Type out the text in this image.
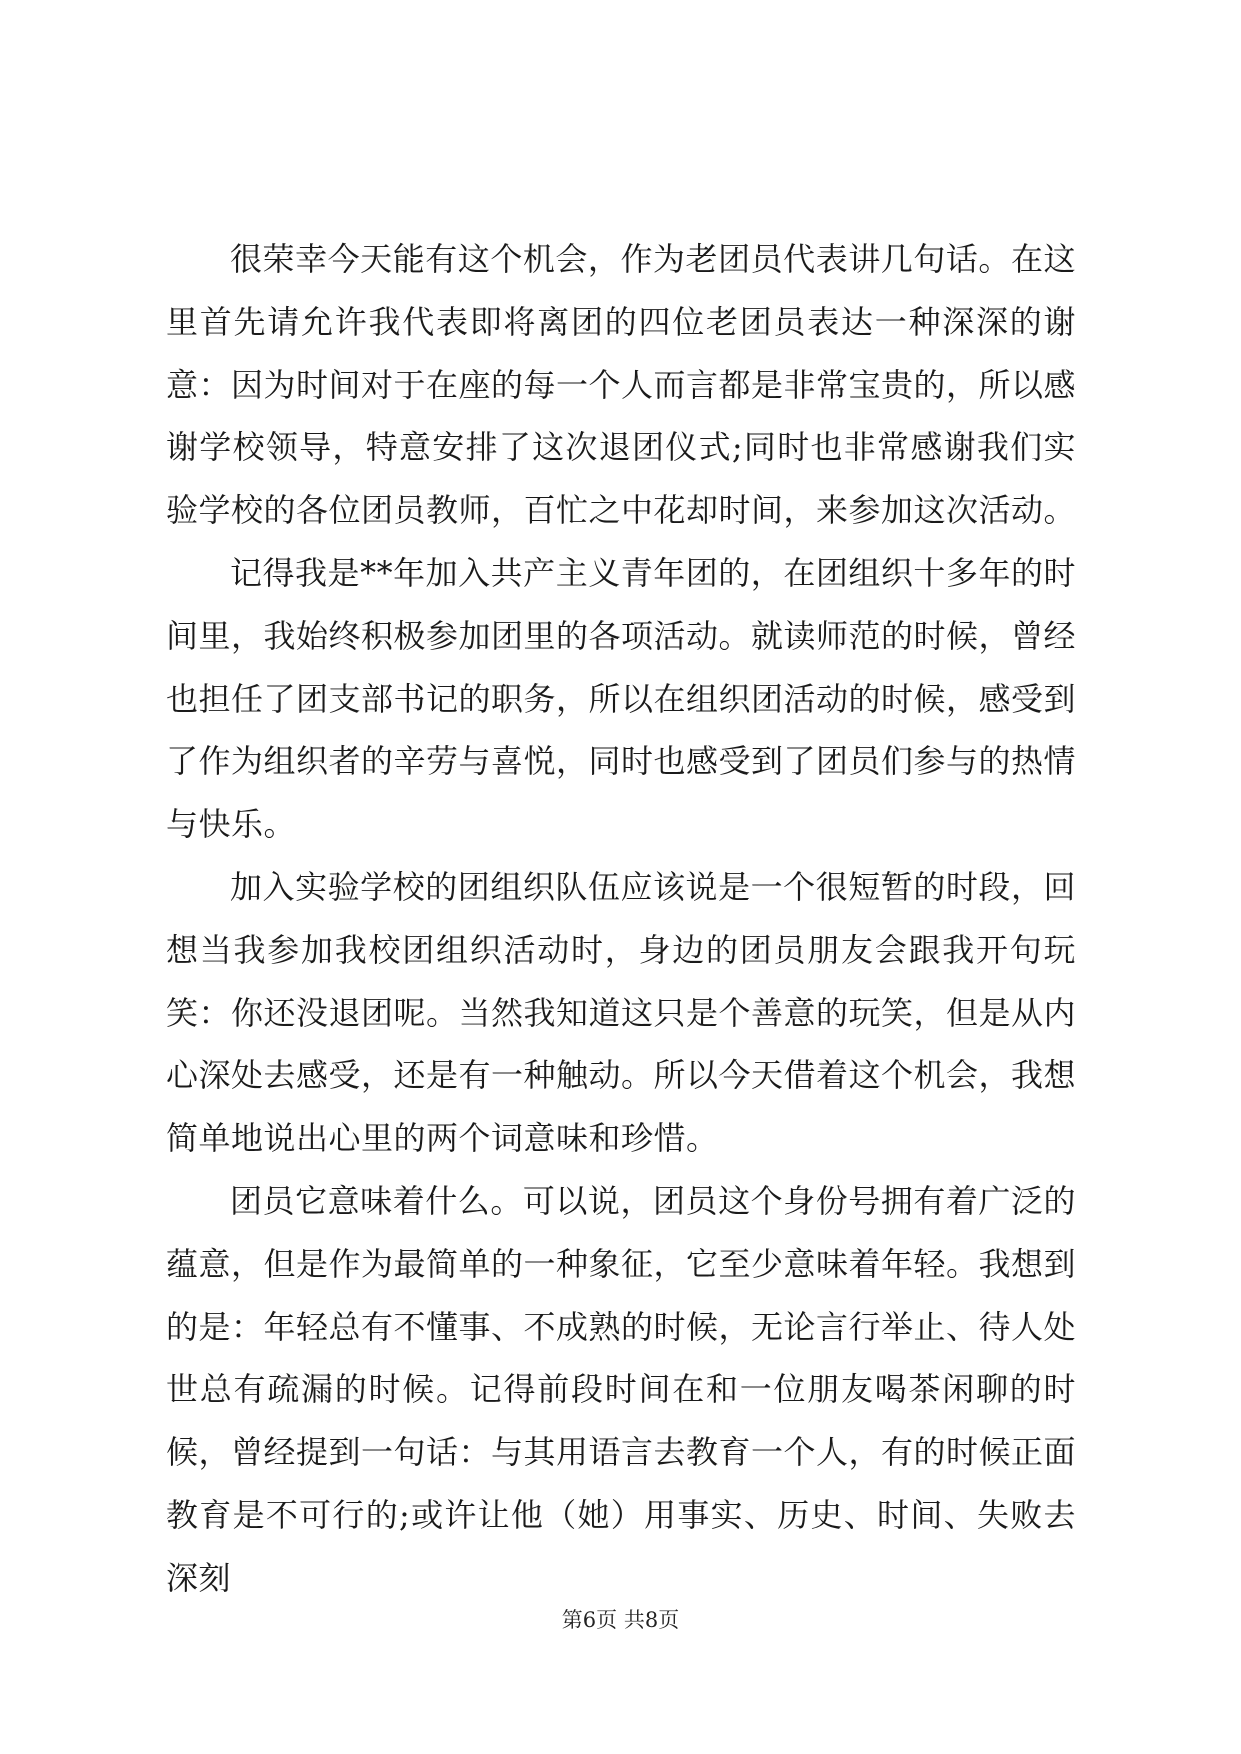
很荣幸今天能有这个机会，作为老团员代表讲几句话。在这里首先请允许我代表即将离团的四位老团员表达一种深深的谢意：因为时间对于在座的每一个人而言都是非常宝贵的，所以感谢学校领导，特意安排了这次退团仪式;同时也非常感谢我们实验学校的各位团员教师，百忙之中花却时间，来参加这次活动。

记得我是**年加入共产主义青年团的，在团组织十多年的时间里，我始终积极参加团里的各项活动。就读师范的时候，曾经也担任了团支部书记的职务，所以在组织团活动的时候，感受到了作为组织者的辛劳与喜悦，同时也感受到了团员们参与的热情与快乐。

加入实验学校的团组织队伍应该说是一个很短暂的时段，回想当我参加我校团组织活动时，身边的团员朋友会跟我开句玩笑：你还没退团呢。当然我知道这只是个善意的玩笑，但是从内心深处去感受，还是有一种触动。所以今天借着这个机会，我想简单地说出心里的两个词意味和珍惜。

团员它意味着什么。可以说，团员这个身份号拥有着广泛的蕴意，但是作为最简单的一种象征，它至少意味着年轻。我想到的是：年轻总有不懂事、不成熟的时候，无论言行举止、待人处世总有疏漏的时候。记得前段时间在和一位朋友喝茶闲聊的时候，曾经提到一句话：与其用语言去教育一个人，有的时候正面教育是不可行的;或许让他（她）用事实、历史、时间、失败去深刻

第6页 共8页
